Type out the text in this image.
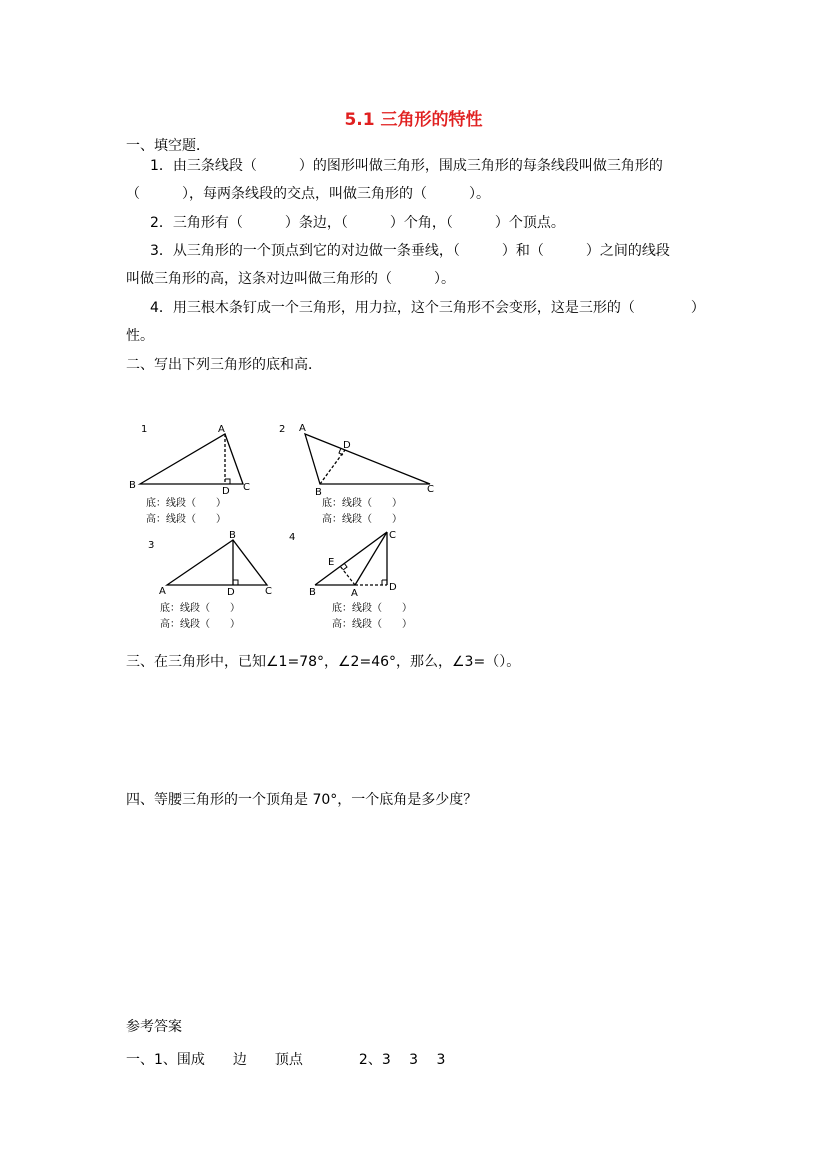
5.1 三角形的特性
一、填空题．
1．由三条线段（　　　）的图形叫做三角形，围成三角形的每条线段叫做三角形的
（　　　），每两条线段的交点，叫做三角形的（　　　）。
2．三角形有（　　　）条边，（　　　）个角，（　　　）个顶点。
3．从三角形的一个顶点到它的对边做一条垂线，（　　　）和（　　　）之间的线段
叫做三角形的高，这条对边叫做三角形的（　　　）。
4．用三根木条钉成一个三角形，用力拉，这个三角形不会变形，这是三形的（　　　　）
性。
二、写出下列三角形的底和高．
1	A
B	C
D
底：线段（　　）
高：线段（　　）
2 A
B	C
D
底：线段（　　）
高：线段（　　）
3
B
A	C
D
底：线段（　　）
高：线段（　　）
4	C
E
B	A
D
底：线段（　　）
高：线段（　　）
三、在三角形中，已知∠1=78°，∠2=46°，那么，∠3=（）。
四、等腰三角形的一个顶角是 70°，一个底角是多少度？
参考答案
一、1、围成　　边　　顶点　　　　2、3　 3　 3
